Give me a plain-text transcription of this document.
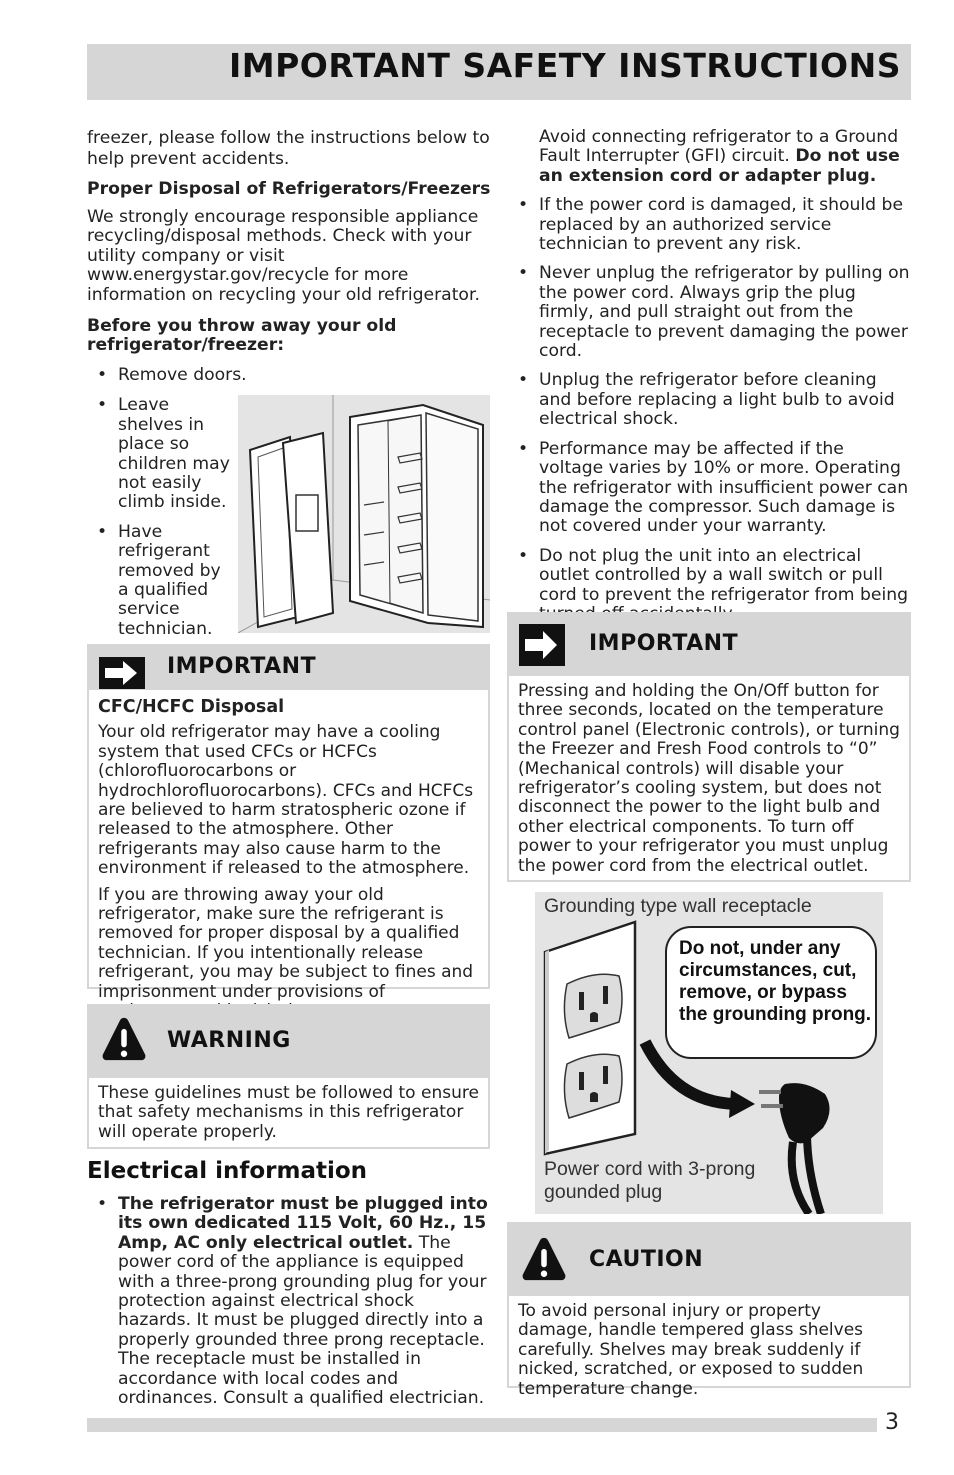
IMPORTANT SAFETY INSTRUCTIONS

freezer, please follow the instructions below to help prevent accidents.

Proper Disposal of Refrigerators/Freezers

We strongly encourage responsible appliance recycling/disposal methods. Check with your utility company or visit www.energystar.gov/recycle for more information on recycling your old refrigerator.

Before you throw away your old refrigerator/freezer:

• Remove doors.
• Leave shelves in place so children may not easily climb inside.
• Have refrigerant removed by a qualified service technician.
IMPORTANT

CFC/HCFC Disposal

Your old refrigerator may have a cooling system that used CFCs or HCFCs (chlorofluorocarbons or hydrochlorofluorocarbons). CFCs and HCFCs are believed to harm stratospheric ozone if released to the atmosphere. Other refrigerants may also cause harm to the environment if released to the atmosphere.

If you are throwing away your old refrigerator, make sure the refrigerant is removed for proper disposal by a qualified technician. If you intentionally release refrigerant, you may be subject to fines and imprisonment under provisions of

WARNING

These guidelines must be followed to ensure that safety mechanisms in this refrigerator will operate properly.

Electrical information
• The refrigerator must be plugged into its own dedicated 115 Volt, 60 Hz., 15 Amp, AC only electrical outlet. The power cord of the appliance is equipped with a three-prong grounding plug for your protection against electrical shock hazards. It must be plugged directly into a properly grounded three prong receptacle. The receptacle must be installed in accordance with local codes and ordinances. Consult a qualified electrician.

Avoid connecting refrigerator to a Ground Fault Interrupter (GFI) circuit. Do not use an extension cord or adapter plug.

• If the power cord is damaged, it should be replaced by an authorized service technician to prevent any risk.
• Never unplug the refrigerator by pulling on the power cord. Always grip the plug firmly, and pull straight out from the receptacle to prevent damaging the power cord.
• Unplug the refrigerator before cleaning and before replacing a light bulb to avoid electrical shock.
• Performance may be affected if the voltage varies by 10% or more. Operating the refrigerator with insufficient power can damage the compressor. Such damage is not covered under your warranty.
• Do not plug the unit into an electrical outlet controlled by a wall switch or pull cord to prevent the refrigerator from being
IMPORTANT

Pressing and holding the On/Off button for three seconds, located on the temperature control panel (Electronic controls), or turning the Freezer and Fresh Food controls to “0” (Mechanical controls) will disable your refrigerator’s cooling system, but does not disconnect the power to the light bulb and other electrical components. To turn off power to your refrigerator you must unplug the power cord from the electrical outlet.

Grounding type wall receptacle
Do not, under any circumstances, cut, remove, or bypass the grounding prong.
Power cord with 3-prong gounded plug
CAUTION

To avoid personal injury or property damage, handle tempered glass shelves carefully. Shelves may break suddenly if nicked, scratched, or exposed to sudden temperature change.

3
